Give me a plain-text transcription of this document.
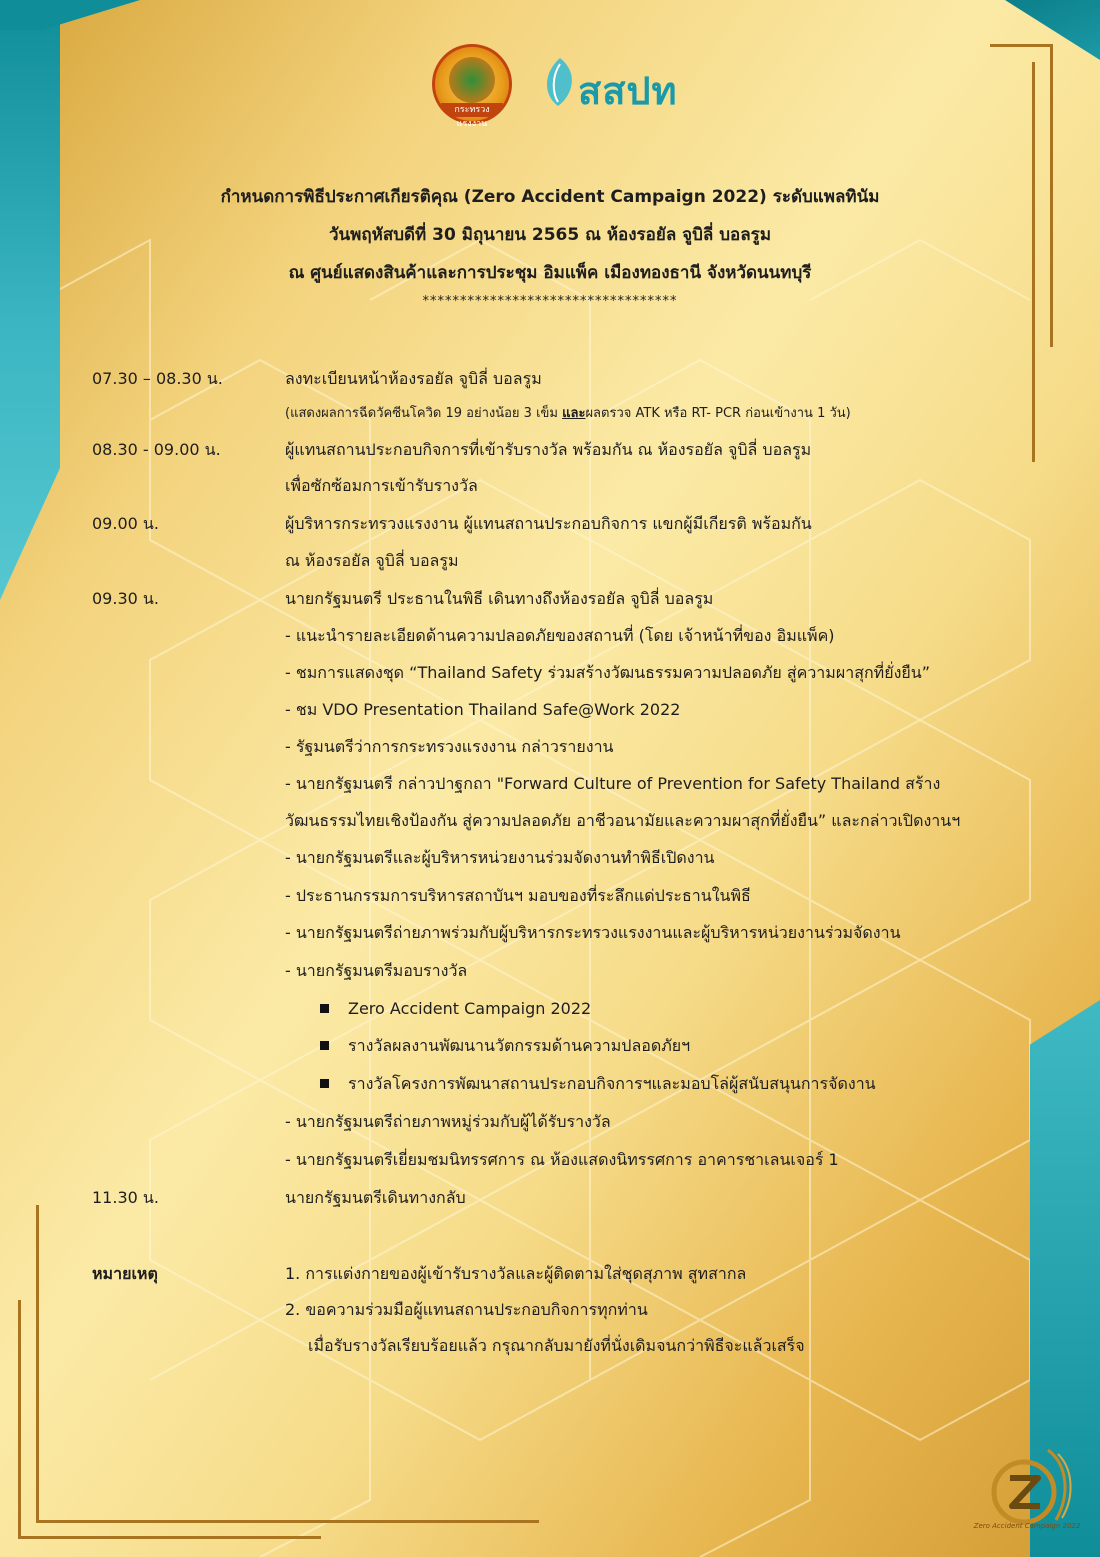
กระทรวงแรงงาน
สสปท
กำหนดการพิธีประกาศเกียรติคุณ (Zero Accident Campaign 2022) ระดับแพลทินัม
วันพฤหัสบดีที่ 30 มิถุนายน 2565 ณ ห้องรอยัล จูบิลี่ บอลรูม
ณ ศูนย์แสดงสินค้าและการประชุม อิมแพ็ค เมืองทองธานี จังหวัดนนทบุรี
**********************************
07.30 – 08.30 น.	ลงทะเบียนหน้าห้องรอยัล จูบิลี่ บอลรูม
(แสดงผลการฉีดวัคซีนโควิด 19 อย่างน้อย 3 เข็ม และผลตรวจ ATK หรือ RT- PCR ก่อนเข้างาน 1 วัน)
08.30 - 09.00 น.	ผู้แทนสถานประกอบกิจการที่เข้ารับรางวัล พร้อมกัน ณ ห้องรอยัล จูบิลี่ บอลรูม
เพื่อซักซ้อมการเข้ารับรางวัล
09.00 น.	ผู้บริหารกระทรวงแรงงาน ผู้แทนสถานประกอบกิจการ แขกผู้มีเกียรติ พร้อมกัน
ณ ห้องรอยัล จูบิลี่ บอลรูม
09.30 น.	นายกรัฐมนตรี ประธานในพิธี เดินทางถึงห้องรอยัล จูบิลี่ บอลรูม
- แนะนำรายละเอียดด้านความปลอดภัยของสถานที่ (โดย เจ้าหน้าที่ของ อิมแพ็ค)
- ชมการแสดงชุด “Thailand Safety ร่วมสร้างวัฒนธรรมความปลอดภัย สู่ความผาสุกที่ยั่งยืน”
- ชม VDO Presentation Thailand Safe@Work 2022
- รัฐมนตรีว่าการกระทรวงแรงงาน กล่าวรายงาน
- นายกรัฐมนตรี กล่าวปาฐกถา "Forward Culture of Prevention for Safety Thailand สร้าง
วัฒนธรรมไทยเชิงป้องกัน สู่ความปลอดภัย อาชีวอนามัยและความผาสุกที่ยั่งยืน” และกล่าวเปิดงานฯ
- นายกรัฐมนตรีและผู้บริหารหน่วยงานร่วมจัดงานทำพิธีเปิดงาน
- ประธานกรรมการบริหารสถาบันฯ มอบของที่ระลึกแด่ประธานในพิธี
- นายกรัฐมนตรีถ่ายภาพร่วมกับผู้บริหารกระทรวงแรงงานและผู้บริหารหน่วยงานร่วมจัดงาน
- นายกรัฐมนตรีมอบรางวัล
Zero Accident Campaign 2022
รางวัลผลงานพัฒนานวัตกรรมด้านความปลอดภัยฯ
รางวัลโครงการพัฒนาสถานประกอบกิจการฯและมอบโล่ผู้สนับสนุนการจัดงาน
- นายกรัฐมนตรีถ่ายภาพหมู่ร่วมกับผู้ได้รับรางวัล
- นายกรัฐมนตรีเยี่ยมชมนิทรรศการ ณ ห้องแสดงนิทรรศการ อาคารชาเลนเจอร์ 1
11.30 น.	นายกรัฐมนตรีเดินทางกลับ
หมายเหตุ	1. การแต่งกายของผู้เข้ารับรางวัลและผู้ติดตามใส่ชุดสุภาพ สูทสากล
2. ขอความร่วมมือผู้แทนสถานประกอบกิจการทุกท่าน
เมื่อรับรางวัลเรียบร้อยแล้ว กรุณากลับมายังที่นั่งเดิมจนกว่าพิธีจะแล้วเสร็จ
Zero Accident Campaign 2022
